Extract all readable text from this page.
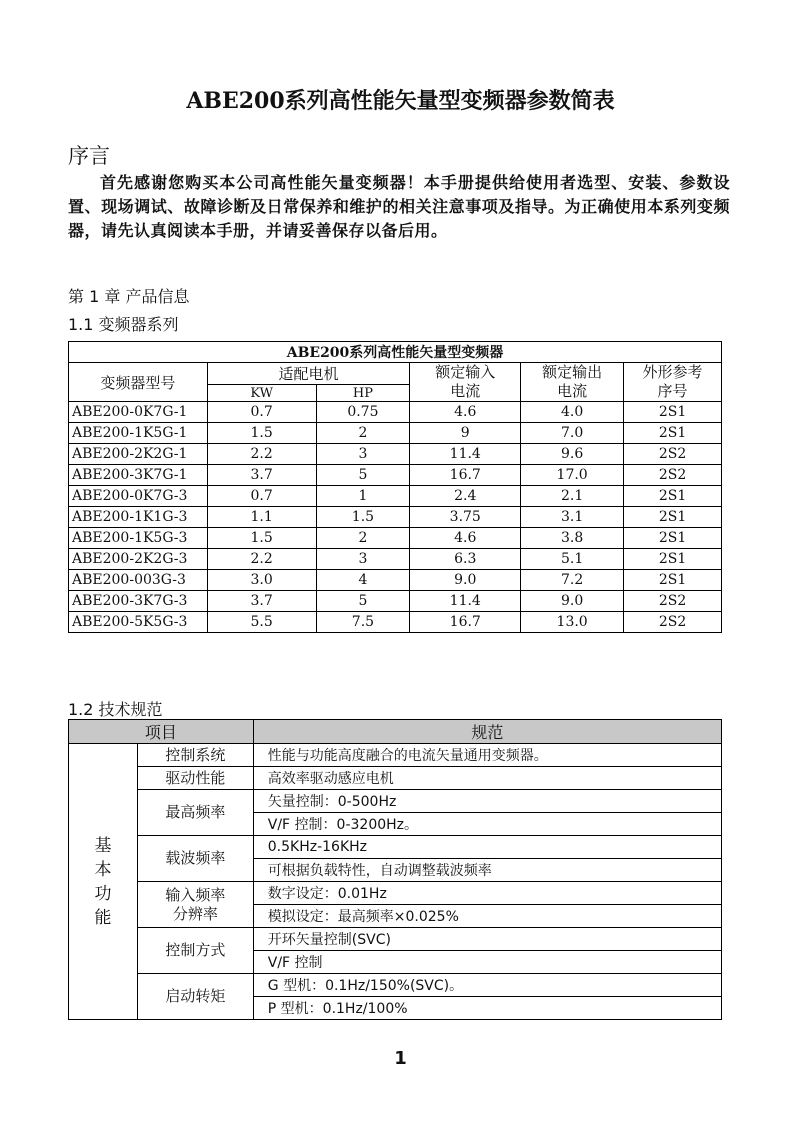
ABE200系列高性能矢量型变频器参数简表
序言
首先感谢您购买本公司高性能矢量变频器！本手册提供给使用者选型、安装、参数设置、现场调试、故障诊断及日常保养和维护的相关注意事项及指导。为正确使用本系列变频器，请先认真阅读本手册，并请妥善保存以备后用。
第 1 章 产品信息
1.1 变频器系列
ABE200系列高性能矢量型变频器					
变频器型号	适配电机		额定输入电流	额定输出电流	外形参考序号

	KW	HP			
ABE200-0K7G-1	0.7	0.75	4.6	4.0	2S1
ABE200-1K5G-1	1.5	2	9	7.0	2S1
ABE200-2K2G-1	2.2	3	11.4	9.6	2S2
ABE200-3K7G-1	3.7	5	16.7	17.0	2S2
ABE200-0K7G-3	0.7	1	2.4	2.1	2S1
ABE200-1K1G-3	1.1	1.5	3.75	3.1	2S1
ABE200-1K5G-3	1.5	2	4.6	3.8	2S1
ABE200-2K2G-3	2.2	3	6.3	5.1	2S1
ABE200-003G-3	3.0	4	9.0	7.2	2S1
ABE200-3K7G-3	3.7	5	11.4	9.0	2S2
ABE200-5K5G-3	5.5	7.5	16.7	13.0	2S2
1.2 技术规范
项目		规范

基本功能	控制系统	性能与功能高度融合的电流矢量通用变频器。

	驱动性能	高效率驱动感应电机

	最高频率	矢量控制：0-500Hz
		V/F 控制：0-3200Hz。

	载波频率	0.5KHz-16KHz
		可根据负载特性，自动调整载波频率

	输入频率分辨率	数字设定：0.01Hz
		模拟设定：最高频率×0.025%

	控制方式	开环矢量控制(SVC)
		V/F 控制

	启动转矩	G 型机：0.1Hz/150%(SVC)。
		P 型机：0.1Hz/100%
1
